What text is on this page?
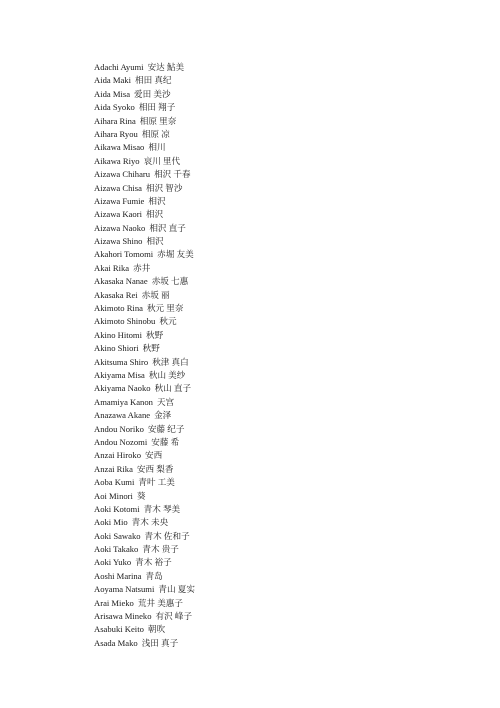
Adachi Ayumi 安达 鮎美
Aida Maki 相田 真纪
Aida Misa 爱田 美沙
Aida Syoko 相田 翔子
Aihara Rina 相原 里奈
Aihara Ryou 相原 凉
Aikawa Misao 相川
Aikawa Riyo 哀川 里代
Aizawa Chiharu 相沢 千春
Aizawa Chisa 相沢 智沙
Aizawa Fumie 相沢
Aizawa Kaori 相沢
Aizawa Naoko 相沢 直子
Aizawa Shino 相沢
Akahori Tomomi 赤堀 友美
Akai Rika 赤井
Akasaka Nanae 赤坂 七惠
Akasaka Rei 赤坂 丽
Akimoto Rina 秋元 里奈
Akimoto Shinobu 秋元
Akino Hitomi 秋野
Akino Shiori 秋野
Akitsuma Shiro 秋津 真白
Akiyama Misa 秋山 美纱
Akiyama Naoko 秋山 直子
Amamiya Kanon 天宫
Anazawa Akane 金泽
Andou Noriko 安藤 纪子
Andou Nozomi 安藤 希
Anzai Hiroko 安西
Anzai Rika 安西 梨香
Aoba Kumi 青叶 工美
Aoi Minori 葵
Aoki Kotomi 青木 琴美
Aoki Mio 青木 未央
Aoki Sawako 青木 佐和子
Aoki Takako 青木 贵子
Aoki Yuko 青木 裕子
Aoshi Marina 青岛
Aoyama Natsumi 青山 夏实
Arai Mieko 荒井 美惠子
Arisawa Mineko 有沢 峰子
Asabuki Keito 朝吹
Asada Mako 浅田 真子
